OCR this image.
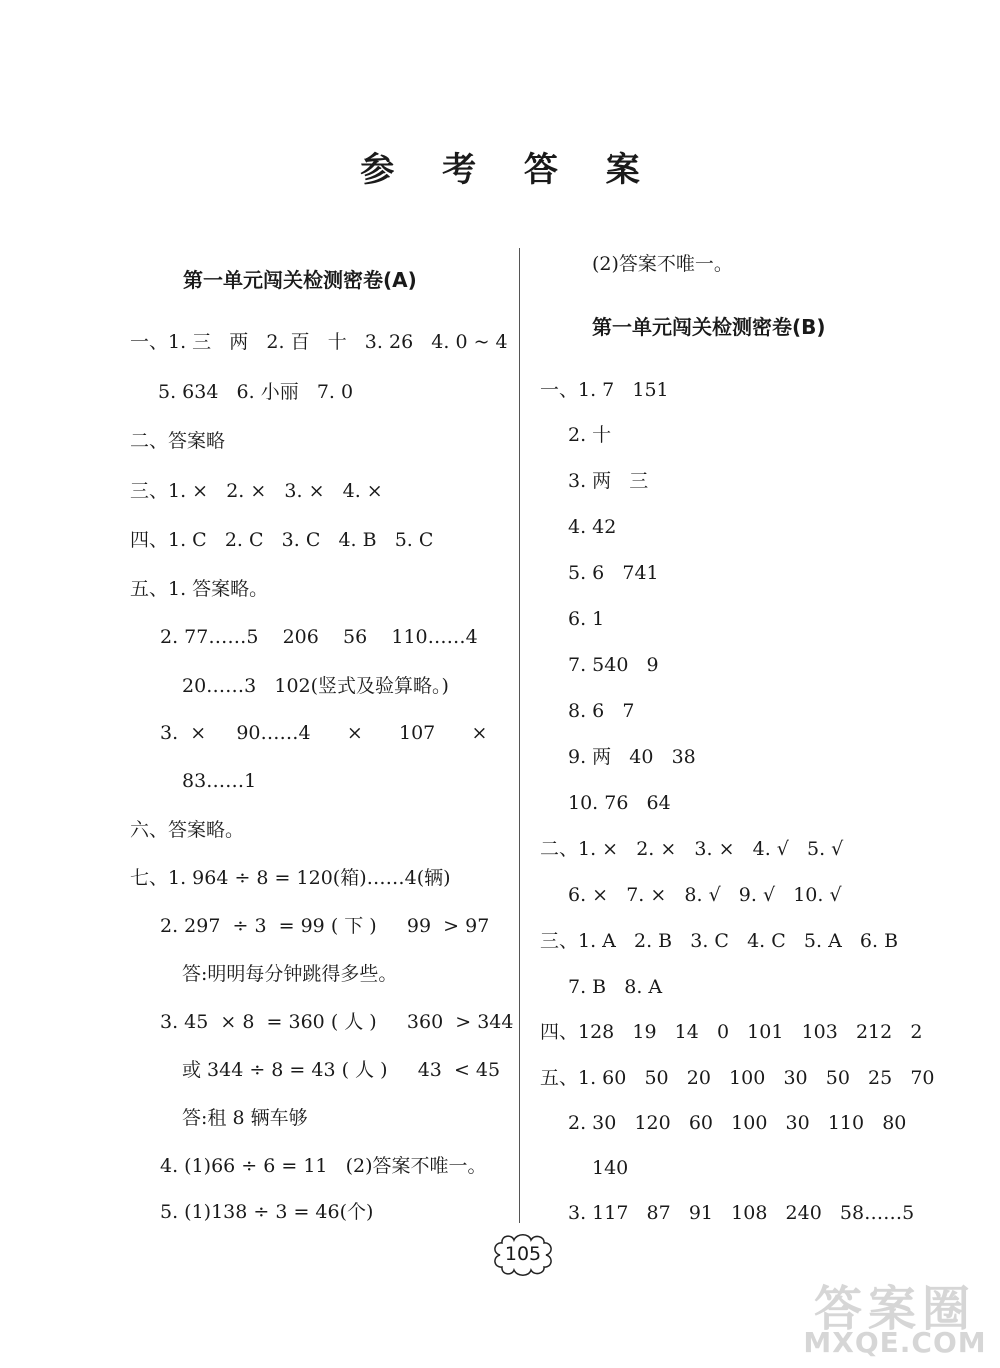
参 考 答 案
第一单元闯关检测密卷(A)
一、1. 三   两   2. 百   十   3. 26   4. 0 ~ 4
5. 634   6. 小丽   7. 0
二、答案略
三、1. ×   2. ×   3. ×   4. ×
四、1. C   2. C   3. C   4. B   5. C
五、1. 答案略。
2. 77……5    206    56    110……4
20……3   102(竖式及验算略。)
3.  ×     90……4      ×      107      ×
83……1
六、答案略。
七、1. 964 ÷ 8 = 120(箱)……4(辆)
2. 297  ÷ 3  = 99 ( 下 )     99  > 97
答:明明每分钟跳得多些。
3. 45  × 8  = 360 ( 人 )     360  > 344
或 344 ÷ 8 = 43 ( 人 )     43  < 45
答:租 8 辆车够
4. (1)66 ÷ 6 = 11   (2)答案不唯一。
5. (1)138 ÷ 3 = 46(个)
(2)答案不唯一。
第一单元闯关检测密卷(B)
一、1. 7   151
2. 十
3. 两   三
4. 42
5. 6   741
6. 1
7. 540   9
8. 6   7
9. 两   40   38
10. 76   64
二、1. ×   2. ×   3. ×   4. √   5. √
6. ×   7. ×   8. √   9. √   10. √
三、1. A   2. B   3. C   4. C   5. A   6. B
7. B   8. A
四、128   19   14   0   101   103   212   2
五、1. 60   50   20   100   30   50   25   70
2. 30   120   60   100   30   110   80
140
3. 117   87   91   108   240   58……5
105
答案圈
MXQE.COM
